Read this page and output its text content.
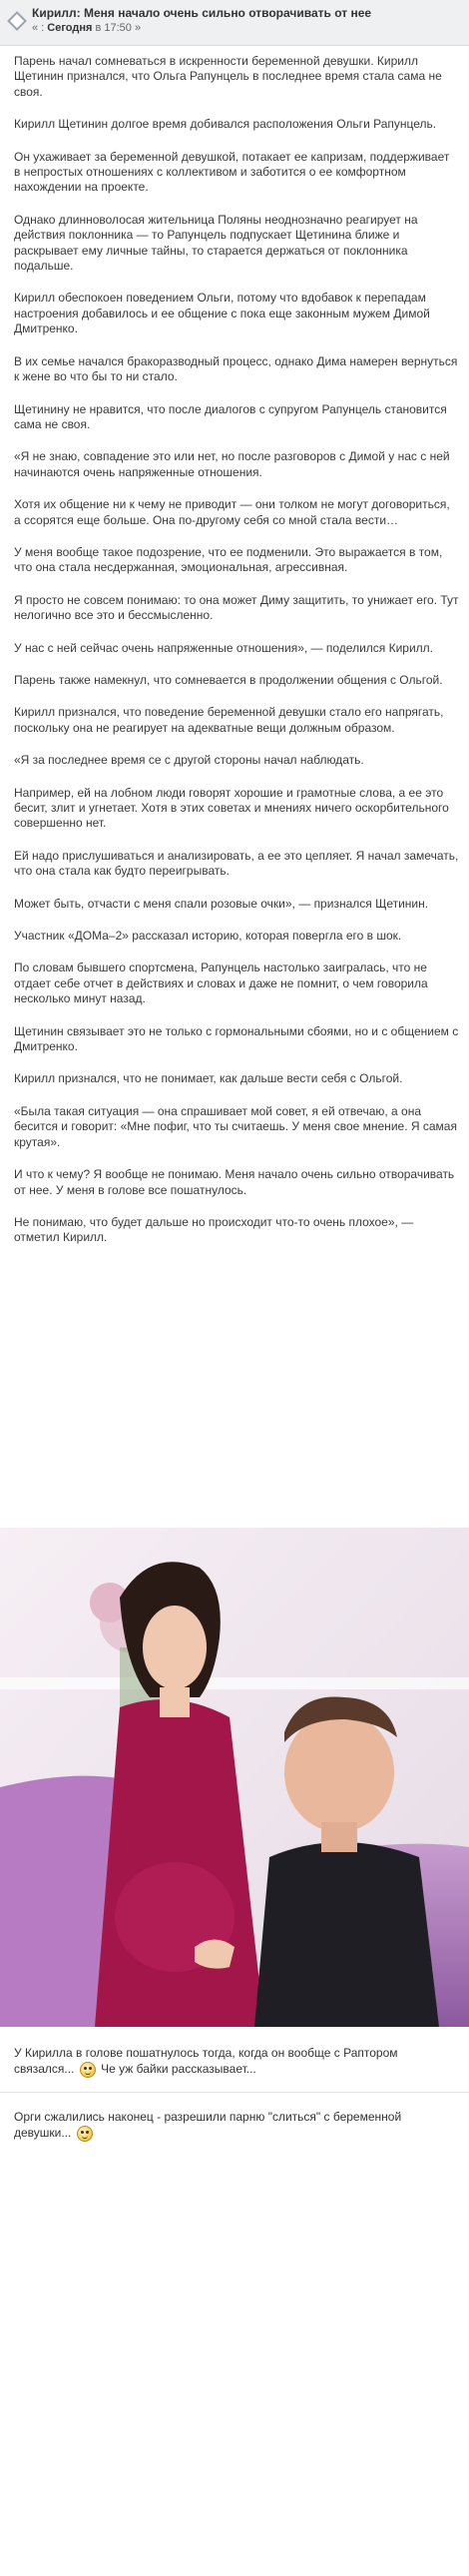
Кирилл: Меня начало очень сильно отворачивать от нее
« : Сегодня в 17:50 »

Парень начал сомневаться в искренности беременной девушки. Кирилл Щетинин признался, что Ольга Рапунцель в последнее время стала сама не своя.

Кирилл Щетинин долгое время добивался расположения Ольги Рапунцель.

Он ухаживает за беременной девушкой, потакает ее капризам, поддерживает в непростых отношениях с коллективом и заботится о ее комфортном нахождении на проекте.

Однако длинноволосая жительница Поляны неоднозначно реагирует на действия поклонника — то Рапунцель подпускает Щетинина ближе и раскрывает ему личные тайны, то старается держаться от поклонника подальше.

Кирилл обеспокоен поведением Ольги, потому что вдобавок к перепадам настроения добавилось и ее общение с пока еще законным мужем Димой Дмитренко.

В их семье начался бракоразводный процесс, однако Дима намерен вернуться к жене во что бы то ни стало.

Щетинину не нравится, что после диалогов с супругом Рапунцель становится сама не своя.

«Я не знаю, совпадение это или нет, но после разговоров с Димой у нас с ней начинаются очень напряженные отношения.

Хотя их общение ни к чему не приводит — они толком не могут договориться, а ссорятся еще больше. Она по-другому себя со мной стала вести…

У меня вообще такое подозрение, что ее подменили. Это выражается в том, что она стала несдержанная, эмоциональная, агрессивная.

Я просто не совсем понимаю: то она может Диму защитить, то унижает его. Тут нелогично все это и бессмысленно.

У нас с ней сейчас очень напряженные отношения», — поделился Кирилл.

Парень также намекнул, что сомневается в продолжении общения с Ольгой.

Кирилл признался, что поведение беременной девушки стало его напрягать, поскольку она не реагирует на адекватные вещи должным образом.

«Я за последнее время се с другой стороны начал наблюдать.

Например, ей на лобном люди говорят хорошие и грамотные слова, а ее это бесит, злит и угнетает. Хотя в этих советах и мнениях ничего оскорбительного совершенно нет.

Ей надо прислушиваться и анализировать, а ее это цепляет. Я начал замечать, что она стала как будто переигрывать.

Может быть, отчасти с меня спали розовые очки», — признался Щетинин.

Участник «ДОМа–2» рассказал историю, которая повергла его в шок.

По словам бывшего спортсмена, Рапунцель настолько заигралась, что не отдает себе отчет в действиях и словах и даже не помнит, о чем говорила несколько минут назад.

Щетинин связывает это не только с гормональными сбоями, но и с общением с Дмитренко.

Кирилл признался, что не понимает, как дальше вести себя с Ольгой.

«Была такая ситуация — она спрашивает мой совет, я ей отвечаю, а она бесится и говорит: «Мне пофиг, что ты считаешь. У меня свое мнение. Я самая крутая».

И что к чему? Я вообще не понимаю. Меня начало очень сильно отворачивать от нее. У меня в голове все пошатнулось.

Не понимаю, что будет дальше но происходит что-то очень плохое», — отметил Кирилл.

У Кирилла в голове пошатнулось тогда, когда он вообще с Раптором связался...  Че уж байки рассказывает...
Орги сжалились наконец - разрешили парню "слиться" с беременной девушки...
